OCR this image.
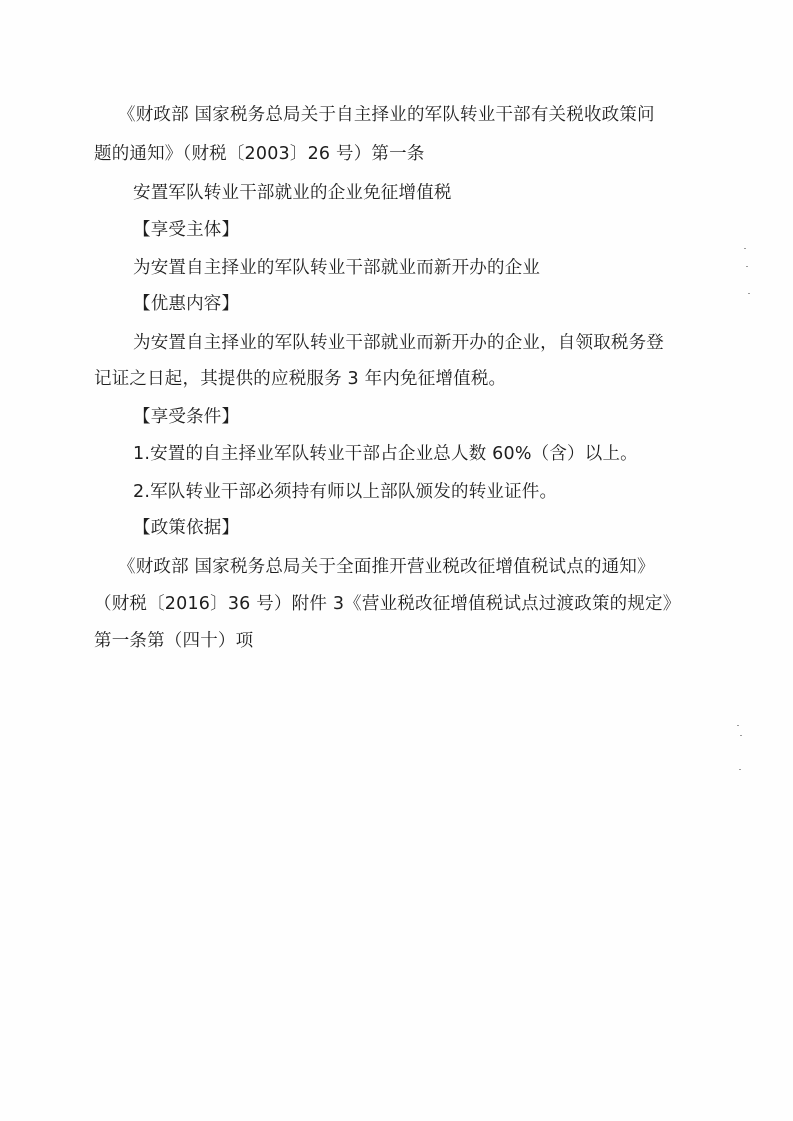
《财政部 国家税务总局关于自主择业的军队转业干部有关税收政策问
题的通知》（财税〔2003〕26 号）第一条
安置军队转业干部就业的企业免征增值税
【享受主体】
为安置自主择业的军队转业干部就业而新开办的企业
【优惠内容】
为安置自主择业的军队转业干部就业而新开办的企业，自领取税务登
记证之日起，其提供的应税服务 3 年内免征增值税。
【享受条件】
1.安置的自主择业军队转业干部占企业总人数 60%（含）以上。
2.军队转业干部必须持有师以上部队颁发的转业证件。
【政策依据】
《财政部 国家税务总局关于全面推开营业税改征增值税试点的通知》
（财税〔2016〕36 号）附件 3《营业税改征增值税试点过渡政策的规定》
第一条第（四十）项
